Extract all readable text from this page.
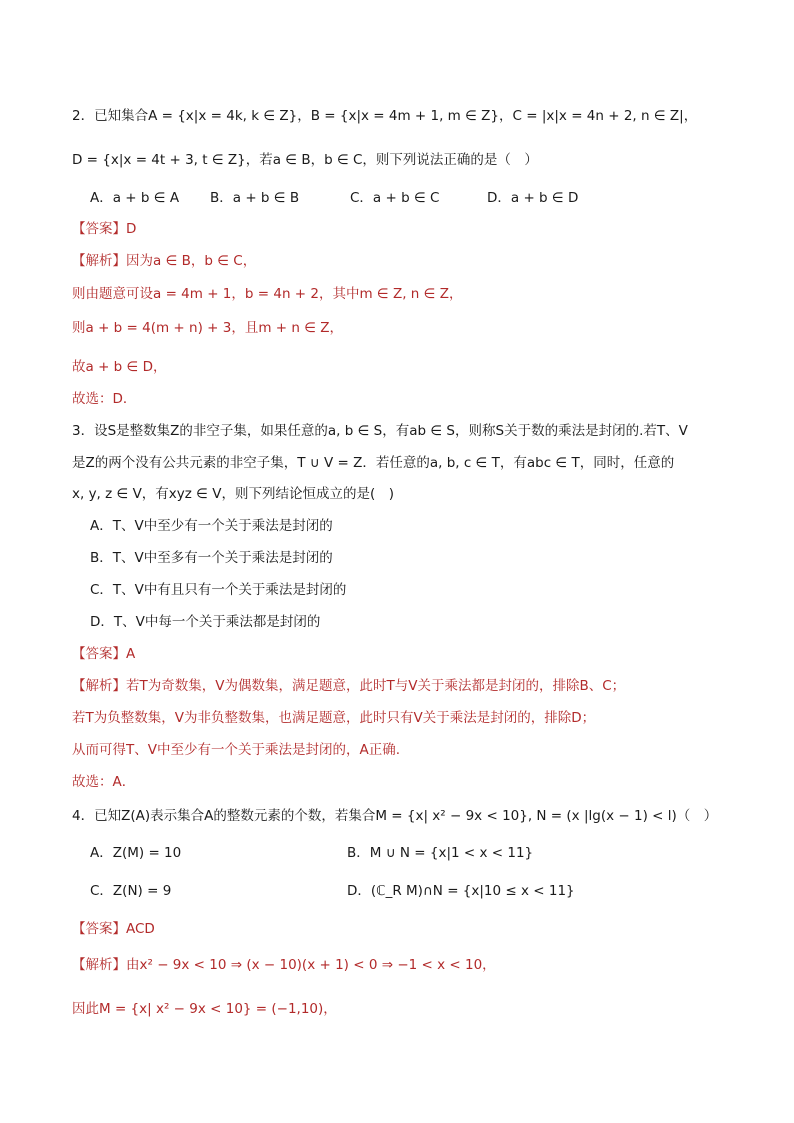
2．已知集合A = {x|x = 4k, k ∈ Z}，B = {x|x = 4m + 1, m ∈ Z}，C = |x|x = 4n + 2, n ∈ Z|，
D = {x|x = 4t + 3, t ∈ Z}，若a ∈ B，b ∈ C，则下列说法正确的是（　）
A．a + b ∈ A B．a + b ∈ B	C．a + b ∈ C	D．a + b ∈ D
【答案】D
【解析】因为a ∈ B，b ∈ C，
则由题意可设a = 4m + 1，b = 4n + 2，其中m ∈ Z, n ∈ Z，
则a + b = 4(m + n) + 3，且m + n ∈ Z，
故a + b ∈ D，
故选：D．
3．设S是整数集Z的非空子集，如果任意的a, b ∈ S，有ab ∈ S，则称S关于数的乘法是封闭的.若T、V
是Z的两个没有公共元素的非空子集，T ∪ V = Z．若任意的a, b, c ∈ T，有abc ∈ T，同时，任意的
x, y, z ∈ V，有xyz ∈ V，则下列结论恒成立的是(　)
A．T、V中至少有一个关于乘法是封闭的
B．T、V中至多有一个关于乘法是封闭的
C．T、V中有且只有一个关于乘法是封闭的
D．T、V中每一个关于乘法都是封闭的
【答案】A
【解析】若T为奇数集，V为偶数集，满足题意，此时T与V关于乘法都是封闭的，排除B、C；
若T为负整数集，V为非负整数集，也满足题意，此时只有V关于乘法是封闭的，排除D；
从而可得T、V中至少有一个关于乘法是封闭的，A正确.
故选：A．
4．已知Z(A)表示集合A的整数元素的个数，若集合M = {x| x² − 9x < 10}, N = (x |lg(x − 1) < l)（　）
A．Z(M) = 10	B．M ∪ N = {x|1 < x < 11}
C．Z(N) = 9	D．(ℂ_R M)∩N = {x|10 ≤ x < 11}
【答案】ACD
【解析】由x² − 9x < 10 ⇒ (x − 10)(x + 1) < 0 ⇒ −1 < x < 10，
因此M = {x| x² − 9x < 10} = (−1,10)，
